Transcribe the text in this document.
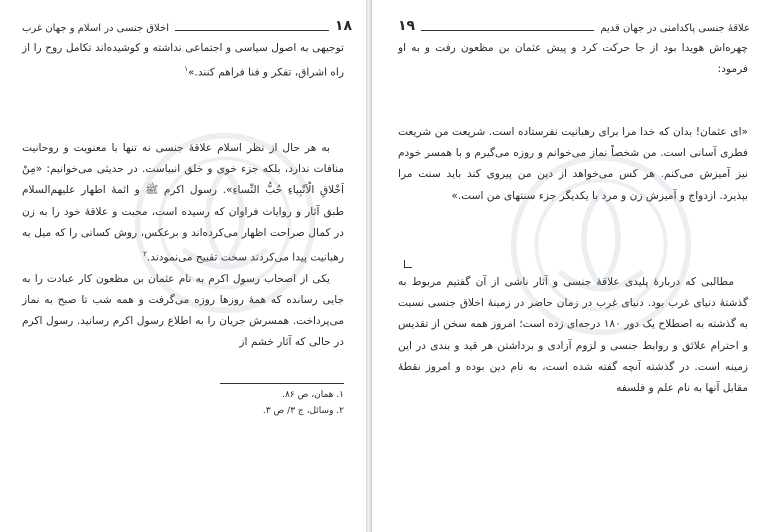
۱۸
اخلاق جنسی در اسلام و جهان غرب

توجیهی به اصول سیاسی و اجتماعی نداشته و کوشیده‌اند تکامل روح را از راه اشراق، تفکر و فنا فراهم کنند.»$^۱$

به هر حال از نظر اسلام علاقهٔ جنسی نه تنها با معنویت و روحانیت منافات ندارد، بلکه جزء خوی و خلق انبیاست. در حدیثی می‌خوانیم: «مِنْ اَخْلاقِ الْاَنْبِیاءِ حُبُّ النِّساءِ». رسول اکرم ﷺ و ائمهٔ اطهار علیهم‌السلام طبق آثار و روایات فراوان که رسیده است، محبت و علاقهٔ خود را به زن در کمال صراحت اظهار می‌کرده‌اند و برعکس، روش کسانی را که میل به رهبانیت پیدا می‌کردند سخت تقبیح می‌نمودند.$^۲$

یکی از اصحاب رسول اکرم به نام عثمان بن مظعون کار عبادت را به جایی رسانده که همهٔ روزها روزه می‌گرفت و همه شب تا صبح به نماز می‌پرداخت. همسرش جریان را به اطلاع رسول اکرم رسانید. رسول اکرم در حالی که آثار خشم از

۱. همان، ص ۸۶.
۲. وسائل، ج ۳/ ص ۳.
علاقهٔ جنسی پاکدامنی در جهان قدیم
۱۹

چهره‌اش هویدا بود از جا حرکت کرد و پیش عثمان بن مظعون رفت و به او فرمود:

«ای عثمان! بدان که خدا مرا برای رهبانیت نفرستاده است. شریعت من شریعت فطری آسانی است. من شخصاً نماز می‌خوانم و روزه می‌گیرم و با همسر خودم نیز آمیزش می‌کنم. هر کس می‌خواهد از دین من پیروی کند باید سنت مرا بپذیرد. ازدواج و آمیزش زن و مرد با یکدیگر جزء سنتهای من است.»

مطالبی که دربارهٔ پلیدی علاقهٔ جنسی و آثار ناشی از آن گفتیم مربوط به گذشتهٔ دنیای غرب بود. دنیای غرب در زمان حاضر در زمینهٔ اخلاق جنسی نسبت به گذشته به اصطلاح یک دور ۱۸۰ درجه‌ای زده است؛ امروز همه سخن از تقدیس و احترام علائق و روابط جنسی و لزوم آزادی و برداشتن هر قید و بندی در این زمینه است. در گذشته آنچه گفته شده است، به نام دین بوده و امروز نقطهٔ مقابل آنها به نام علم و فلسفه
